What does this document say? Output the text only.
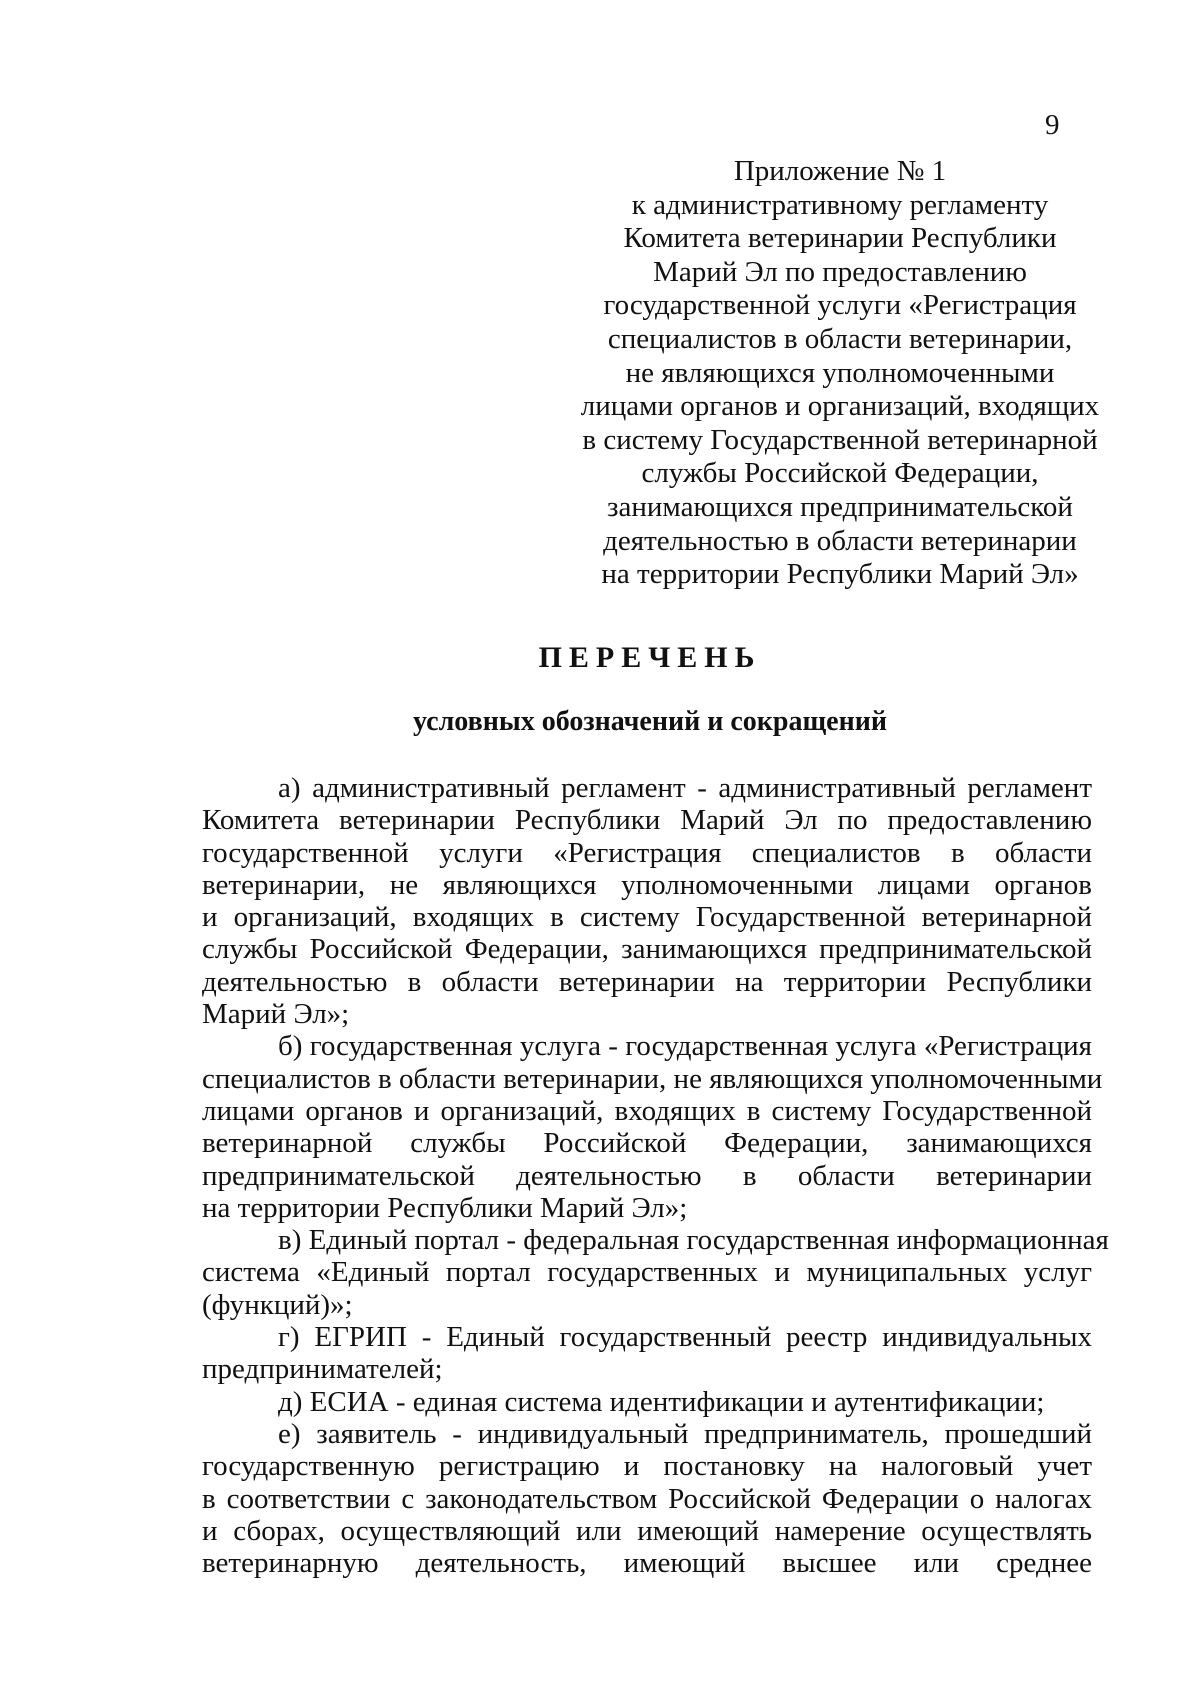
9
Приложение № 1
к административному регламенту
Комитета ветеринарии Республики
Марий Эл по предоставлению
государственной услуги «Регистрация
специалистов в области ветеринарии,
не являющихся уполномоченными
лицами органов и организаций, входящих
в систему Государственной ветеринарной
службы Российской Федерации,
занимающихся предпринимательской
деятельностью в области ветеринарии
на территории Республики Марий Эл»
ПЕРЕЧЕНЬ
условных обозначений и сокращений
а) административный регламент - административный регламент
Комитета ветеринарии Республики Марий Эл по предоставлению
государственной услуги «Регистрация специалистов в области
ветеринарии, не являющихся уполномоченными лицами органов
и организаций, входящих в систему Государственной ветеринарной
службы Российской Федерации, занимающихся предпринимательской
деятельностью в области ветеринарии на территории Республики
Марий Эл»;
б) государственная услуга - государственная услуга «Регистрация
специалистов в области ветеринарии, не являющихся уполномоченными
лицами органов и организаций, входящих в систему Государственной
ветеринарной службы Российской Федерации, занимающихся
предпринимательской деятельностью в области ветеринарии
на территории Республики Марий Эл»;
в) Единый портал - федеральная государственная информационная
система «Единый портал государственных и муниципальных услуг
(функций)»;
г) ЕГРИП - Единый государственный реестр индивидуальных
предпринимателей;
д) ЕСИА - единая система идентификации и аутентификации;
е) заявитель - индивидуальный предприниматель, прошедший
государственную регистрацию и постановку на налоговый учет
в соответствии с законодательством Российской Федерации о налогах
и сборах, осуществляющий или имеющий намерение осуществлять
ветеринарную деятельность, имеющий высшее или среднее
